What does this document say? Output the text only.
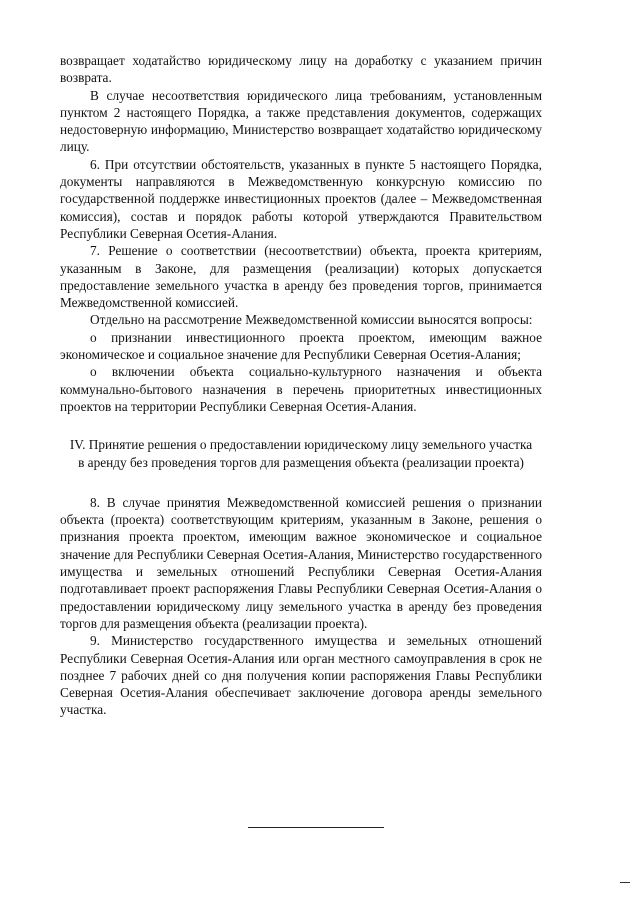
возвращает ходатайство юридическому лицу на доработку с указанием причин возврата.

В случае несоответствия юридического лица требованиям, установленным пунктом 2 настоящего Порядка, а также представления документов, содержащих недостоверную информацию, Министерство возвращает ходатайство юридическому лицу.

6. При отсутствии обстоятельств, указанных в пункте 5 настоящего Порядка, документы направляются в Межведомственную конкурсную комиссию по государственной поддержке инвестиционных проектов (далее – Межведомственная комиссия), состав и порядок работы которой утверждаются Правительством Республики Северная Осетия-Алания.

7. Решение о соответствии (несоответствии) объекта, проекта критериям, указанным в Законе, для размещения (реализации) которых допускается предоставление земельного участка в аренду без проведения торгов, принимается Межведомственной комиссией.

Отдельно на рассмотрение Межведомственной комиссии выносятся вопросы:

о признании инвестиционного проекта проектом, имеющим важное экономическое и социальное значение для Республики Северная Осетия-Алания;

о включении объекта социально-культурного назначения и объекта коммунально-бытового назначения в перечень приоритетных инвестиционных проектов на территории Республики Северная Осетия-Алания.

IV. Принятие решения о предоставлении юридическому лицу земельного участка в аренду без проведения торгов для размещения объекта (реализации проекта)

8. В случае принятия Межведомственной комиссией решения о признании объекта (проекта) соответствующим критериям, указанным в Законе, решения о признания проекта проектом, имеющим важное экономическое и социальное значение для Республики Северная Осетия-Алания, Министерство государственного имущества и земельных отношений Республики Северная Осетия-Алания подготавливает проект распоряжения Главы Республики Северная Осетия-Алания о предоставлении юридическому лицу земельного участка в аренду без проведения торгов для размещения объекта (реализации проекта).

9. Министерство государственного имущества и земельных отношений Республики Северная Осетия-Алания или орган местного самоуправления в срок не позднее 7 рабочих дней со дня получения копии распоряжения Главы Республики Северная Осетия-Алания обеспечивает заключение договора аренды земельного участка.
